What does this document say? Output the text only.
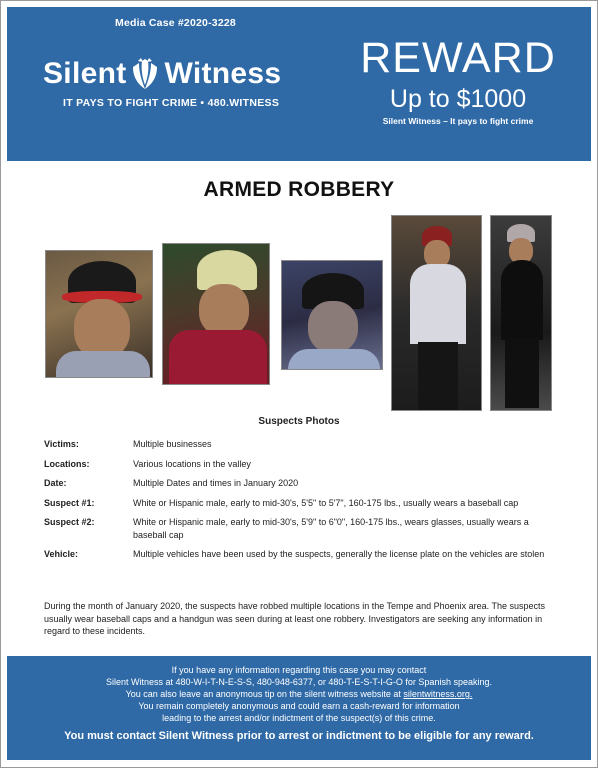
Media Case #2020-3228
Silent Witness
IT PAYS TO FIGHT CRIME • 480.WITNESS
REWARD
Up to $1000
Silent Witness – It pays to fight crime
ARMED ROBBERY
Suspects Photos
Victims:	Multiple businesses
Locations:	Various locations in the valley
Date:	Multiple Dates and times in January 2020
Suspect #1:	White or Hispanic male, early to mid-30's, 5'5" to 5'7", 160-175 lbs., usually wears a baseball cap
Suspect #2:	White or Hispanic male, early to mid-30's, 5'9" to 6"0", 160-175 lbs., wears glasses, usually wears a baseball cap
Vehicle:	Multiple vehicles have been used by the suspects, generally the license plate on the vehicles are stolen
During the month of January 2020, the suspects have robbed multiple locations in the Tempe and Phoenix area. The suspects usually wear baseball caps and a handgun was seen during at least one robbery. Investigators are seeking any information in regard to these incidents.
If you have any information regarding this case you may contact
Silent Witness at 480-W-I-T-N-E-S-S, 480-948-6377, or 480-T-E-S-T-I-G-O for Spanish speaking.
You can also leave an anonymous tip on the silent witness website at silentwitness.org.
You remain completely anonymous and could earn a cash-reward for information
leading to the arrest and/or indictment of the suspect(s) of this crime.
You must contact Silent Witness prior to arrest or indictment to be eligible for any reward.
